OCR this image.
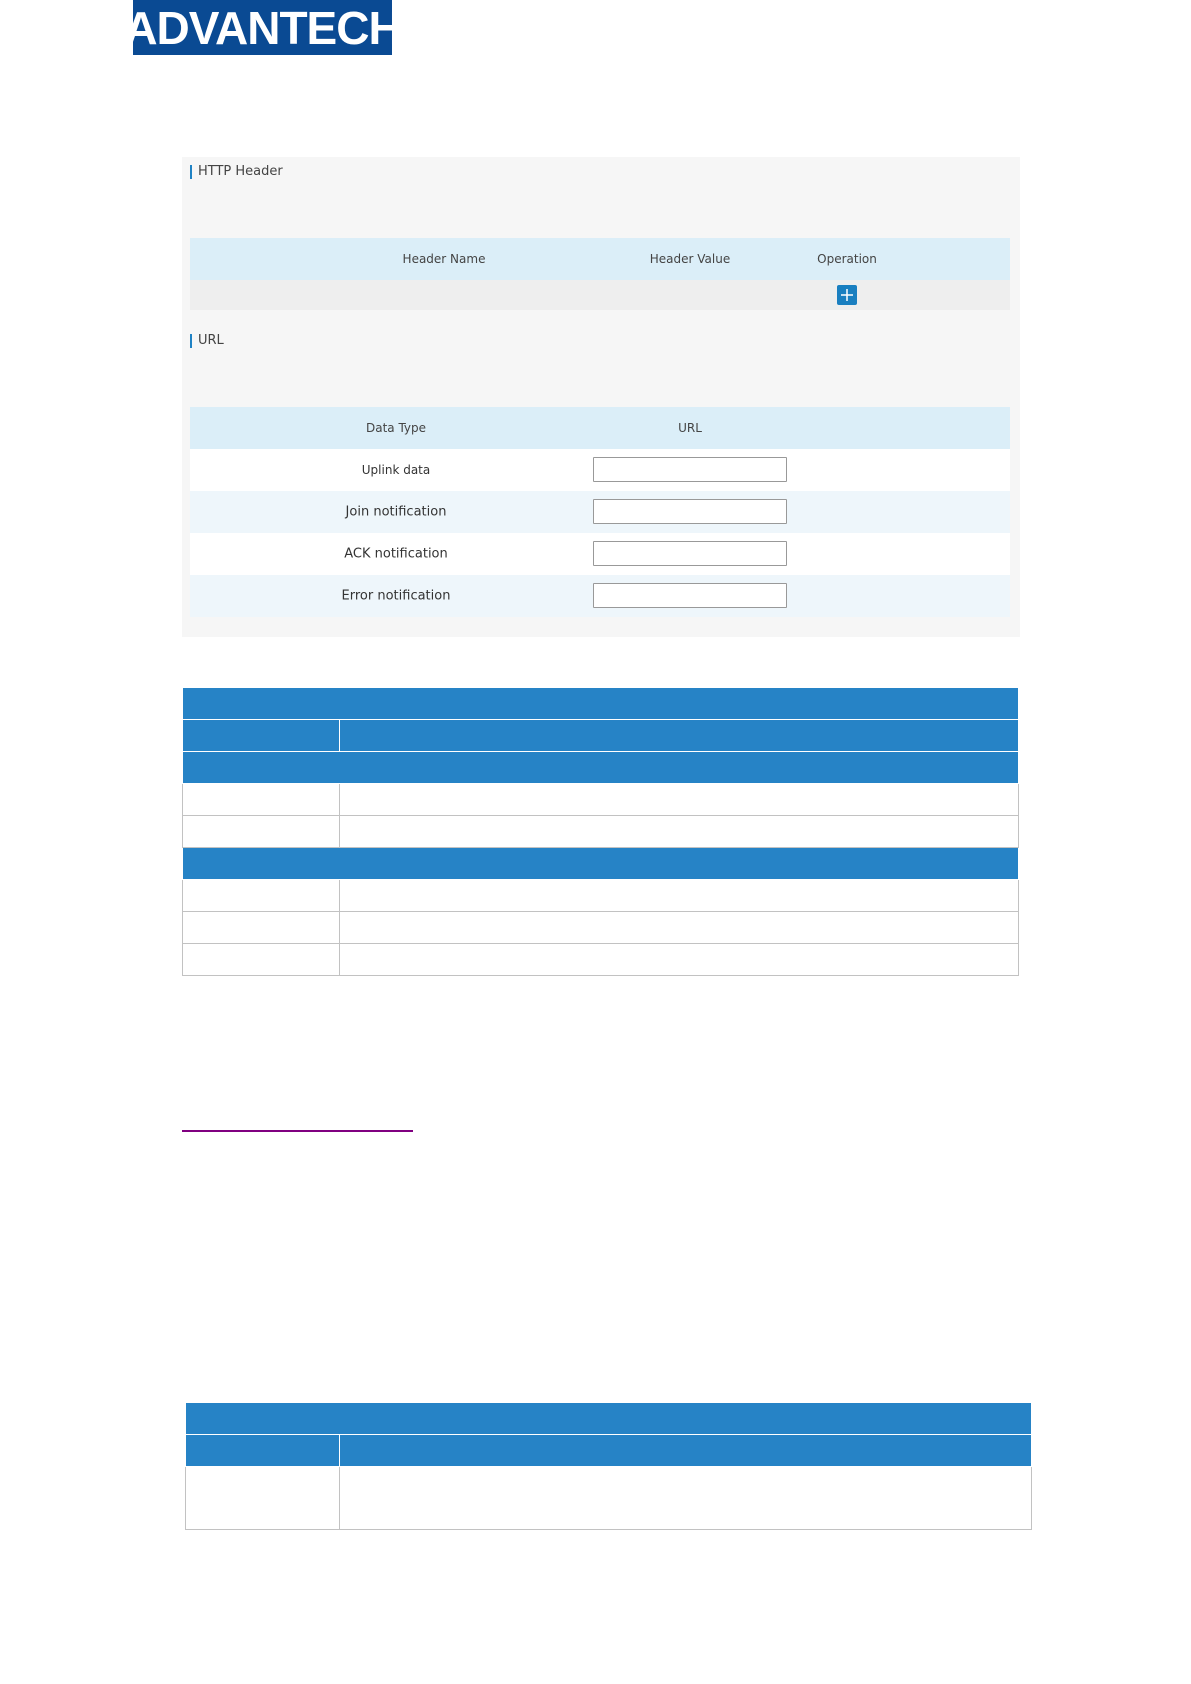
ADVANTECH
HTTP Header
Header Name	Header Value	Operation
URL
Data Type	URL
Uplink data
Join notification
ACK notification
Error notification
